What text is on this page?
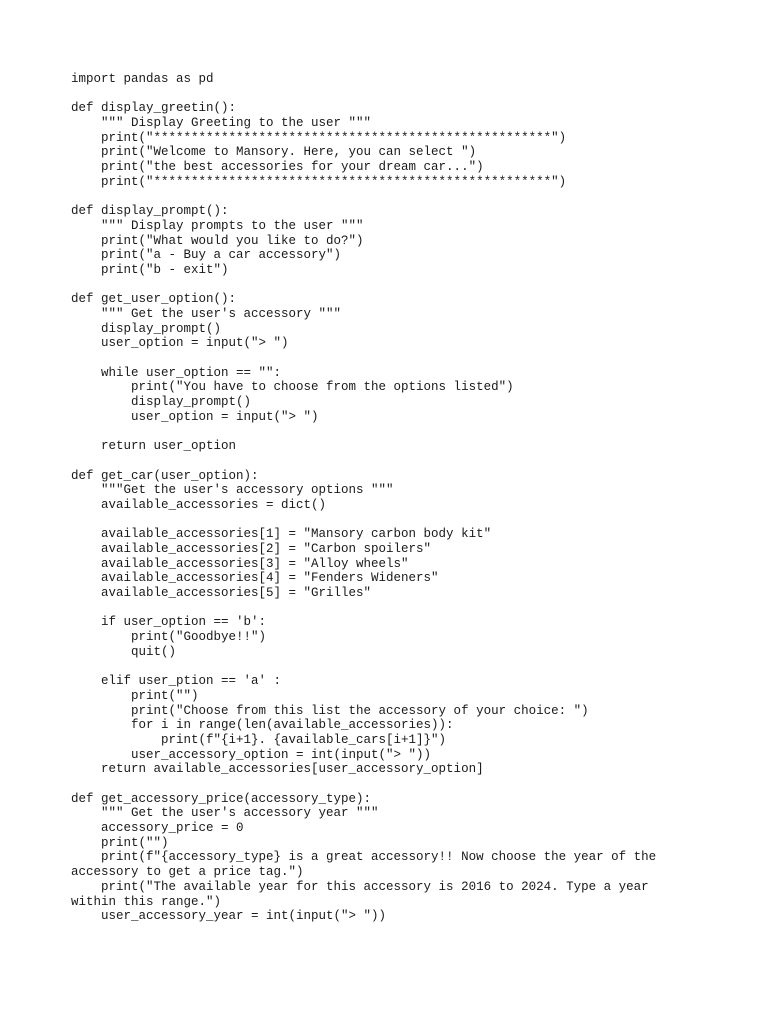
import pandas as pd
def display_greetin():
""" Display Greeting to the user """
print("*****************************************************")
print("Welcome to Mansory. Here, you can select ")
print("the best accessories for your dream car...")
print("*****************************************************")
def display_prompt():
""" Display prompts to the user """
print("What would you like to do?")
print("a - Buy a car accessory")
print("b - exit")
def get_user_option():
""" Get the user's accessory """
display_prompt()
user_option = input("> ")
while user_option == "":
print("You have to choose from the options listed")
display_prompt()
user_option = input("> ")
return user_option
def get_car(user_option):
"""Get the user's accessory options """
available_accessories = dict()
available_accessories[1] = "Mansory carbon body kit"
available_accessories[2] = "Carbon spoilers"
available_accessories[3] = "Alloy wheels"
available_accessories[4] = "Fenders Wideners"
available_accessories[5] = "Grilles"
if user_option == 'b':
print("Goodbye!!")
quit()
elif user_ption == 'a' :
print("")
print("Choose from this list the accessory of your choice: ")
for i in range(len(available_accessories)):
print(f"{i+1}. {available_cars[i+1]}")
user_accessory_option = int(input("> "))
return available_accessories[user_accessory_option]
def get_accessory_price(accessory_type):
""" Get the user's accessory year """
accessory_price = 0
print("")
print(f"{accessory_type} is a great accessory!! Now choose the year of the
accessory to get a price tag.")
print("The available year for this accessory is 2016 to 2024. Type a year
within this range.")
user_accessory_year = int(input("> "))
